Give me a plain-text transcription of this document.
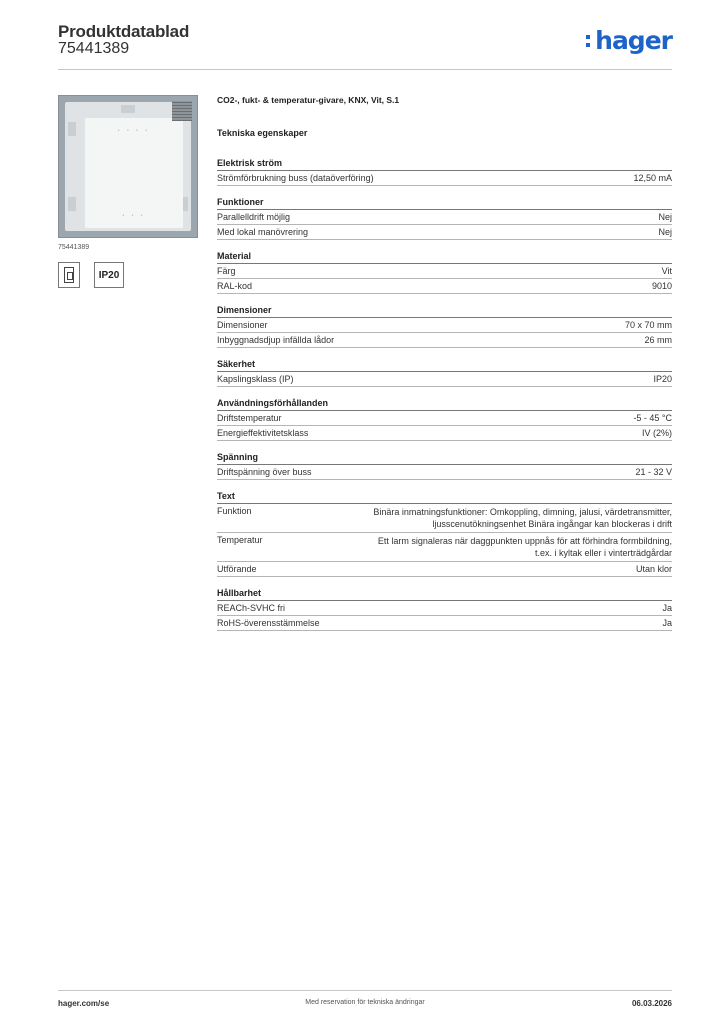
Produktdatablad
75441389	hager
• • • •
• • •
75441389
IP20
CO2-, fukt- & temperatur-givare, KNX, Vit, S.1
Tekniska egenskaper
Elektrisk ström
Strömförbrukning buss (dataöverföring)	12,50 mA
Funktioner
Parallelldrift möjlig	Nej
Med lokal manövrering	Nej
Material
Färg	Vit
RAL-kod	9010
Dimensioner
Dimensioner	70 x 70 mm
Inbyggnadsdjup infällda lådor	26 mm
Säkerhet
Kapslingsklass (IP)	IP20
Användningsförhållanden
Driftstemperatur	-5 - 45 °C
Energieffektivitetsklass	IV (2%)
Spänning
Driftspänning över buss	21 - 32 V
Text
Funktion	Binära inmatningsfunktioner: Omkoppling, dimning, jalusi, värdetransmitter, ljusscenutökningsenhet Binära ingångar kan blockeras i drift
Temperatur	Ett larm signaleras när daggpunkten uppnås för att förhindra formbildning, t.ex. i kyltak eller i vinterträdgårdar
Utförande	Utan klor
Hållbarhet
REACh-SVHC fri	Ja
RoHS-överensstämmelse	Ja
hager.com/se	Med reservation för tekniska ändringar	06.03.2026
